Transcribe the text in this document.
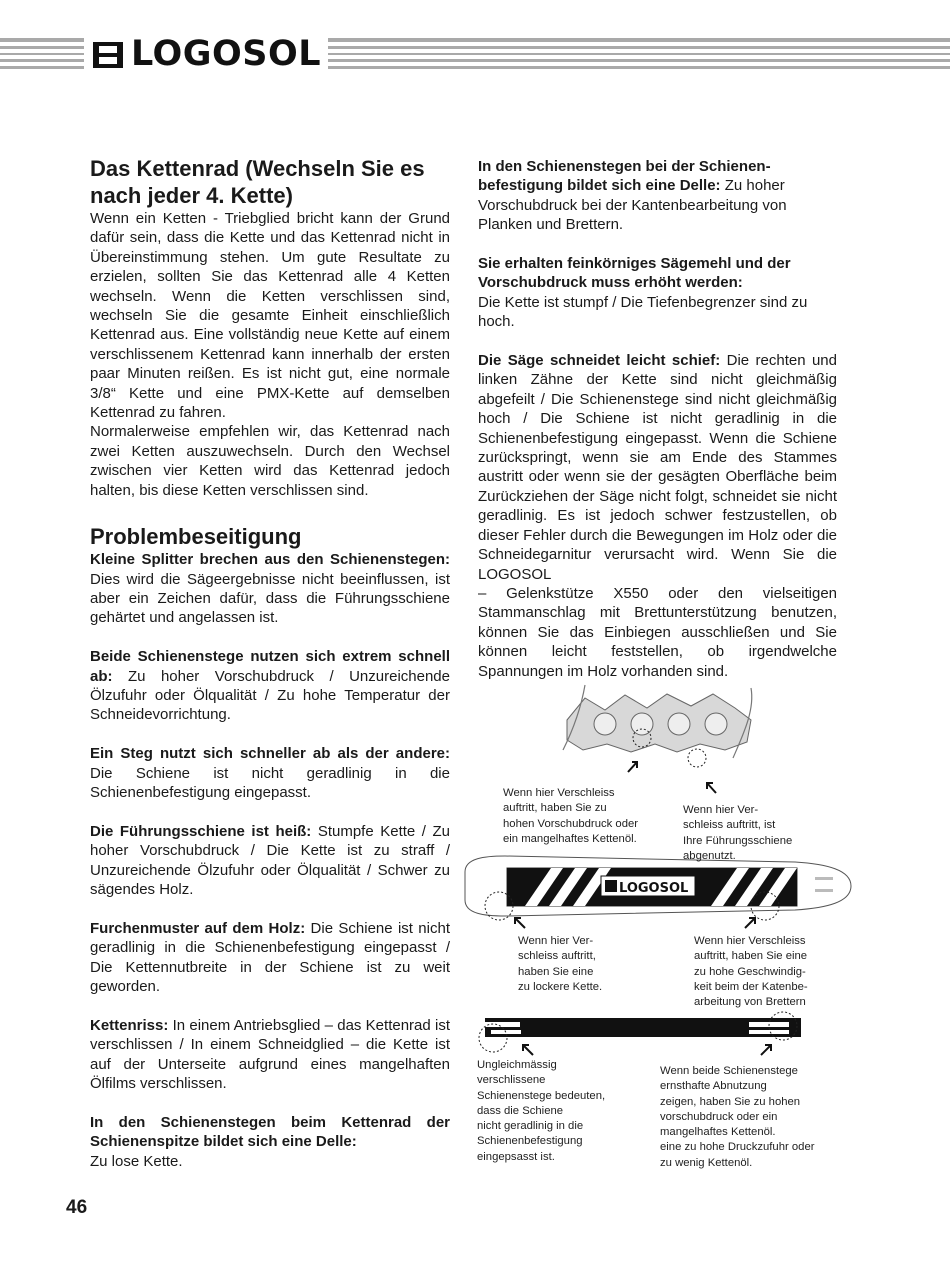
LOGOSOL
Das Kettenrad (Wechseln Sie es nach jeder 4. Kette)

Wenn ein Ketten - Triebglied bricht kann der Grund dafür sein, dass die Kette und das Kettenrad nicht in Übereinstimmung stehen. Um gute Resultate zu erzielen, sollten Sie das Kettenrad alle 4 Ketten wechseln. Wenn die Ketten verschlissen sind, wechseln Sie die gesamte Einheit einschließlich Kettenrad aus. Eine vollständig neue Kette auf einem verschlissenem Kettenrad kann innerhalb der ersten paar Minuten reißen. Es ist nicht gut, eine normale 3/8“ Kette und eine PMX-Kette auf demselben Kettenrad zu fahren.

Normalerweise empfehlen wir, das Kettenrad nach zwei Ketten auszuwechseln. Durch den Wechsel zwischen vier Ketten wird das Kettenrad jedoch halten, bis diese Ketten verschlissen sind.

Problembeseitigung

Kleine Splitter brechen aus den Schienenstegen: Dies wird die Sägeergebnisse nicht beeinflussen, ist aber ein Zeichen dafür, dass die Führungsschiene gehärtet und angelassen ist.

Beide Schienenstege nutzen sich extrem schnell ab: Zu hoher Vorschubdruck / Unzureichende Ölzufuhr oder Ölqualität / Zu hohe Temperatur der Schneidevorrichtung.

Ein Steg nutzt sich schneller ab als der andere: Die Schiene ist nicht geradlinig in die Schienenbefestigung eingepasst.

Die Führungsschiene ist heiß: Stumpfe Kette / Zu hoher Vorschubdruck / Die Kette ist zu straff / Unzureichende Ölzufuhr oder Ölqualität / Schwer zu sägendes Holz.

Furchenmuster auf dem Holz: Die Schiene ist nicht geradlinig in die Schienenbefestigung eingepasst / Die Kettennutbreite in der Schiene ist zu weit geworden.

Kettenriss: In einem Antriebsglied – das Kettenrad ist verschlissen / In einem Schneidglied – die Kette ist auf der Unterseite aufgrund eines mangelhaften Ölfilms verschlissen.

In den Schienenstegen beim Kettenrad der Schienenspitze bildet sich eine Delle:
Zu lose Kette.

In den Schienenstegen bei der Schienen-befestigung bildet sich eine Delle: Zu hoher Vorschubdruck bei der Kantenbearbeitung von Planken und Brettern.

Sie erhalten feinkörniges Sägemehl und der Vorschubdruck muss erhöht werden:
Die Kette ist stumpf / Die Tiefenbegrenzer sind zu hoch.

Die Säge schneidet leicht schief: Die rechten und linken Zähne der Kette sind nicht gleichmäßig abgefeilt / Die Schienenstege sind nicht gleichmäßig hoch / Die Schiene ist nicht geradlinig in die Schienenbefestigung eingepasst. Wenn die Schiene zurückspringt, wenn sie am Ende des Stammes austritt oder wenn sie der gesägten Oberfläche beim Zurückziehen der Säge nicht folgt, schneidet sie nicht geradlinig. Es ist jedoch schwer festzustellen, ob dieser Fehler durch die Bewegungen im Holz oder die Schneidegarnitur verursacht wird. Wenn Sie die LOGOSOL

– Gelenkstütze X550 oder den vielseitigen Stammanschlag mit Brettunterstützung benutzen, können Sie das Einbiegen ausschließen und Sie können leicht feststellen, ob irgendwelche Spannungen im Holz vorhanden sind.

LOGOSOL
Wenn hier Verschleiss
auftritt, haben Sie zu
hohen Vorschubdruck oder
ein mangelhaftes Kettenöl.
Wenn hier Ver-
schleiss auftritt, ist
Ihre Führungsschiene
abgenutzt.
Wenn hier Ver-
schleiss auftritt,
haben Sie eine
zu lockere Kette.
Wenn hier Verschleiss
auftritt, haben Sie eine
zu hohe Geschwindig-
keit beim der Katenbe-
arbeitung von Brettern
Ungleichmässig
verschlissene
Schienenstege bedeuten,
dass die Schiene
nicht geradlinig in die
Schienenbefestigung
eingepsasst ist.
Wenn beide Schienenstege
ernsthafte Abnutzung
zeigen, haben Sie zu hohen
vorschubdruck oder ein
mangelhaftes Kettenöl.
eine zu hohe Druckzufuhr oder
zu wenig Kettenöl.
46
